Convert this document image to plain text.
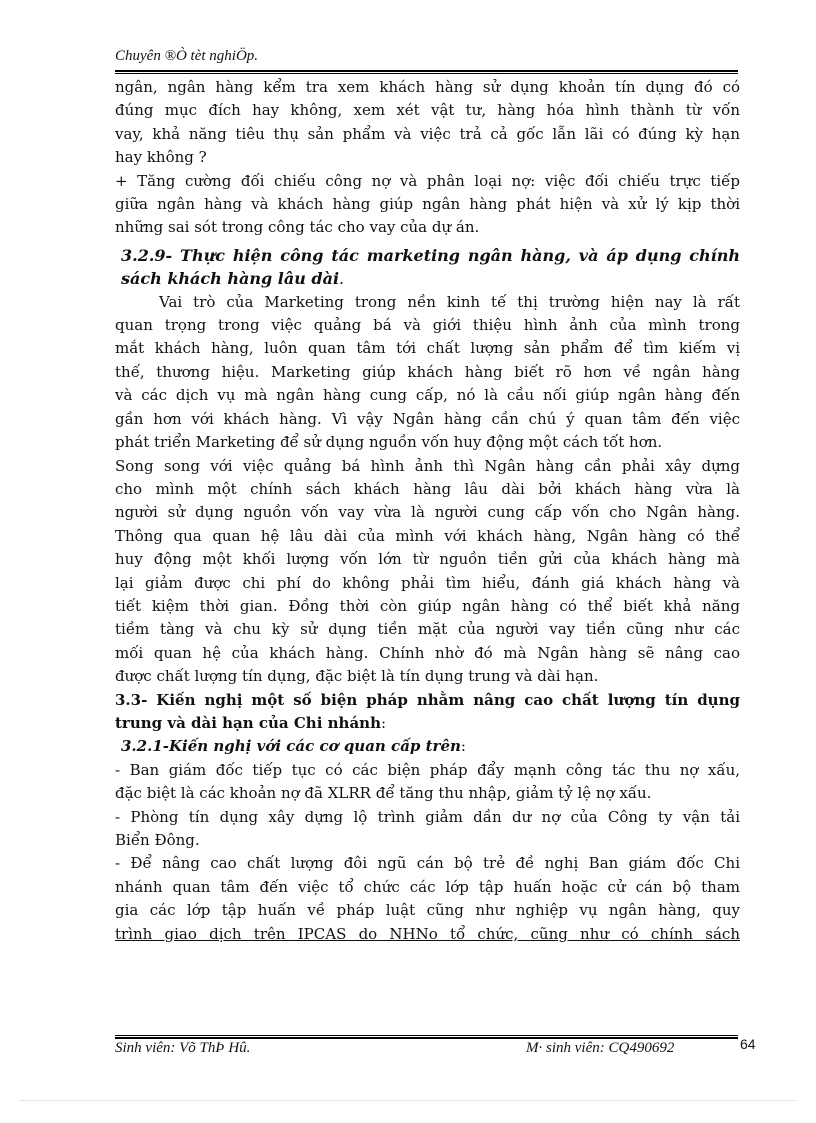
Chuyên ®Ò tèt nghiÖp.

ngân, ngân hàng kểm tra xem khách hàng sử dụng khoản tín dụng đó có

đúng mục đích hay không, xem xét vật tư, hàng hóa hình thành từ vốn

vay, khả năng tiêu thụ sản phẩm và việc trả cả gốc lẫn lãi có đúng kỳ hạn

hay không ?

+ Tăng cường đối chiếu công nợ và phân loại nợ: việc đối chiếu trực tiếp

giữa ngân hàng và khách hàng giúp ngân hàng phát hiện và xử lý kịp thời

những sai sót trong công tác cho vay của dự án.

3.2.9- Thực hiện công tác marketing ngân hàng, và áp dụng chính

sách khách hàng lâu dài.

Vai trò của Marketing trong nền kinh tế thị trường hiện nay là rất

quan trọng trong việc quảng bá và giới thiệu hình ảnh của mình trong

mắt khách hàng, luôn quan tâm tới chất lượng sản phẩm để tìm kiếm vị

thế, thương hiệu. Marketing giúp khách hàng biết rõ hơn về ngân hàng

và các dịch vụ mà ngân hàng cung cấp, nó là cầu nối giúp ngân hàng đến

gần hơn với khách hàng. Vì vậy Ngân hàng cần chú ý quan tâm đến việc

phát triển Marketing để sử dụng nguồn vốn huy động một cách tốt hơn.

Song song với việc quảng bá hình ảnh thì Ngân hàng cần phải xây dựng

cho mình một chính sách khách hàng lâu dài bởi khách hàng vừa là

người sử dụng nguồn vốn vay vừa là người cung cấp vốn cho Ngân hàng.

Thông qua quan hệ lâu dài của mình với khách hàng, Ngân hàng có thể

huy động một khối lượng vốn lớn từ nguồn tiền gửi của khách hàng mà

lại giảm được chi phí do không phải tìm hiểu, đánh giá khách hàng và

tiết kiệm thời gian. Đồng thời còn giúp ngân hàng có thể biết khả năng

tiềm tàng và chu kỳ sử dụng tiền mặt của người vay tiền cũng như các

mối quan hệ của khách hàng. Chính nhờ đó mà Ngân hàng sẽ nâng cao

được chất lượng tín dụng, đặc biệt là tín dụng trung và dài hạn.

3.3- Kiến nghị một số biện pháp nhằm nâng cao chất lượng tín dụng

trung và dài hạn của Chi nhánh:

3.2.1-Kiến nghị với các cơ quan cấp trên:

- Ban giám đốc tiếp tục có các biện pháp đẩy mạnh công tác thu nợ xấu,

đặc biệt là các khoản nợ đã XLRR để tăng thu nhập, giảm tỷ lệ nợ xấu.

- Phòng tín dụng xây dựng lộ trình giảm dần dư nợ của Công ty vận tải

Biển Đông.

- Để nâng cao chất lượng đôi ngũ cán bộ trẻ đề nghị Ban giám đốc Chi

nhánh quan tâm đến việc tổ chức các lớp tập huấn hoặc cử cán bộ tham

gia các lớp tập huấn về pháp luật cũng như nghiệp vụ ngân hàng, quy

trình giao dịch trên IPCAS do NHNo tổ chức, cũng như có chính sách

Sinh viên: Võ ThÞ Hû.	M· sinh viên: CQ490692	64
